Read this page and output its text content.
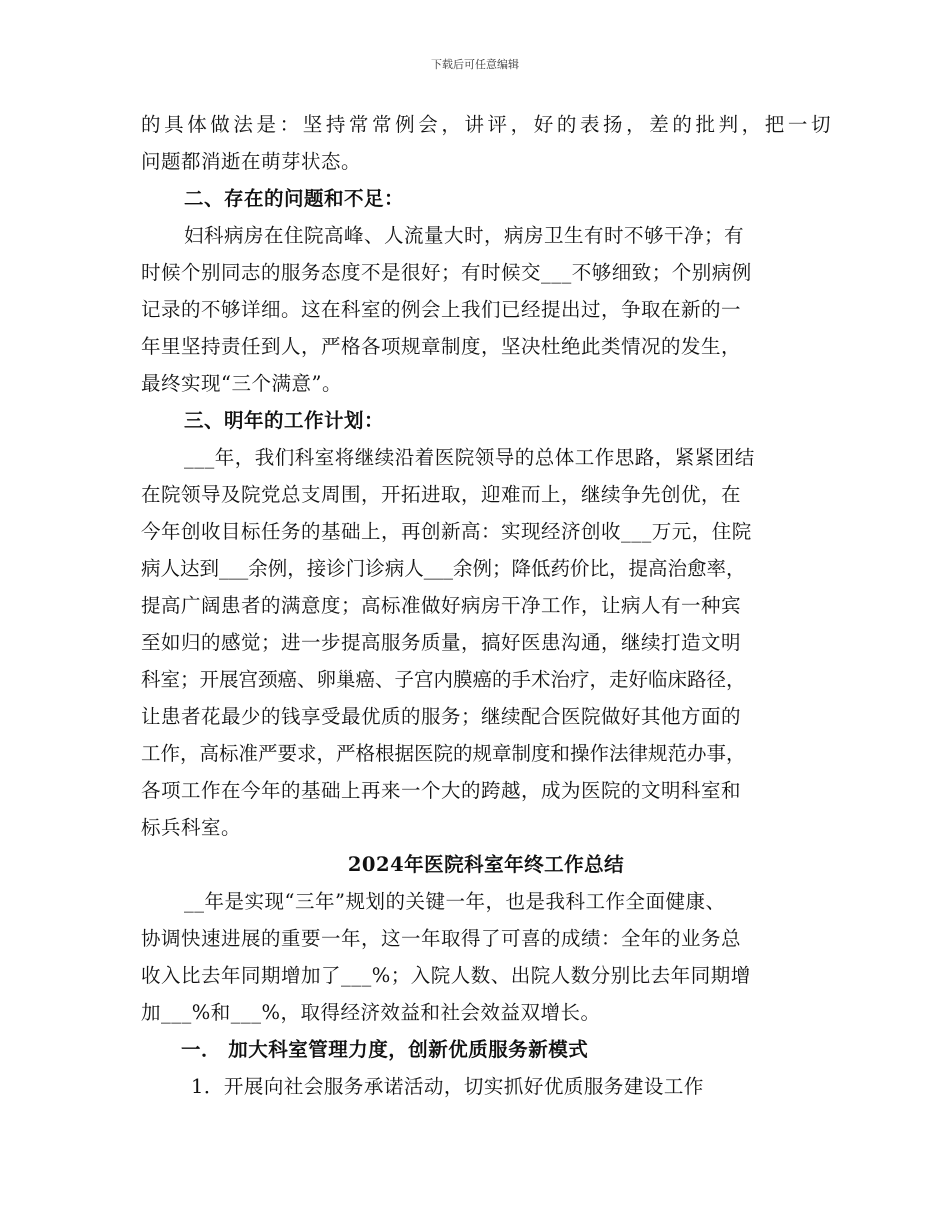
下载后可任意编辑
的具体做法是：坚持常常例会，讲评，好的表扬，差的批判，把一切
问题都消逝在萌芽状态。
二、存在的问题和不足：
妇科病房在住院高峰、人流量大时，病房卫生有时不够干净；有
时候个别同志的服务态度不是很好；有时候交___不够细致；个别病例
记录的不够详细。这在科室的例会上我们已经提出过，争取在新的一
年里坚持责任到人，严格各项规章制度，坚决杜绝此类情况的发生，
最终实现“三个满意”。
三、明年的工作计划：
___年，我们科室将继续沿着医院领导的总体工作思路，紧紧团结
在院领导及院党总支周围，开拓进取，迎难而上，继续争先创优，在
今年创收目标任务的基础上，再创新高：实现经济创收___万元，住院
病人达到___余例，接诊门诊病人___余例；降低药价比，提高治愈率，
提高广阔患者的满意度；高标准做好病房干净工作，让病人有一种宾
至如归的感觉；进一步提高服务质量，搞好医患沟通，继续打造文明
科室；开展宫颈癌、卵巢癌、子宫内膜癌的手术治疗，走好临床路径，
让患者花最少的钱享受最优质的服务；继续配合医院做好其他方面的
工作，高标准严要求，严格根据医院的规章制度和操作法律规范办事，
各项工作在今年的基础上再来一个大的跨越，成为医院的文明科室和
标兵科室。
2024年医院科室年终工作总结
__年是实现“三年”规划的关键一年，也是我科工作全面健康、
协调快速进展的重要一年，这一年取得了可喜的成绩：全年的业务总
收入比去年同期增加了___%；入院人数、出院人数分别比去年同期增
加___%和___%，取得经济效益和社会效益双增长。
一． 加大科室管理力度，创新优质服务新模式
1．开展向社会服务承诺活动，切实抓好优质服务建设工作
